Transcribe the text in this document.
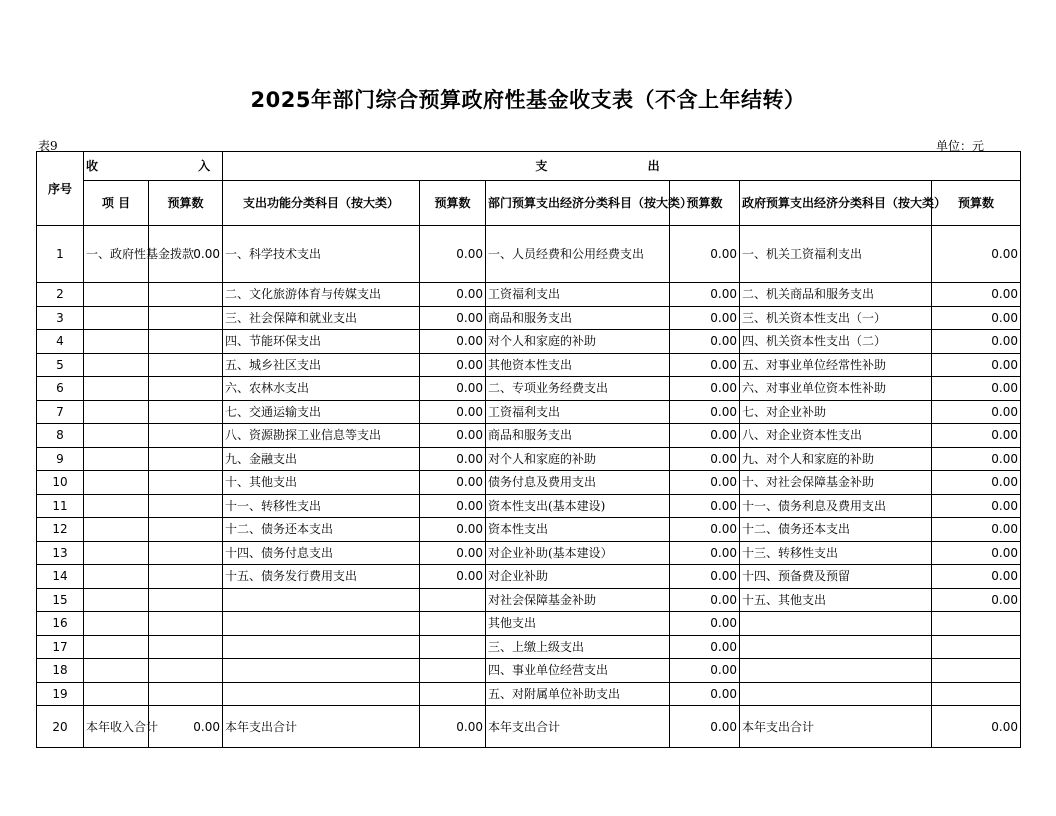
2025年部门综合预算政府性基金收支表（不含上年结转）
表9	单位：元
序号	收 入		支 出					
	项 目	预算数	支出功能分类科目（按大类）	预算数	部门预算支出经济分类科目（按大类）	预算数	政府预算支出经济分类科目（按大类）	预算数
1	一、政府性基金拨款	0.00	一、科学技术支出	0.00	一、人员经费和公用经费支出	0.00	一、机关工资福利支出	0.00
2			二、文化旅游体育与传媒支出	0.00	工资福利支出	0.00	二、机关商品和服务支出	0.00
3			三、社会保障和就业支出	0.00	商品和服务支出	0.00	三、机关资本性支出（一）	0.00
4			四、节能环保支出	0.00	对个人和家庭的补助	0.00	四、机关资本性支出（二）	0.00
5			五、城乡社区支出	0.00	其他资本性支出	0.00	五、对事业单位经常性补助	0.00
6			六、农林水支出	0.00	二、专项业务经费支出	0.00	六、对事业单位资本性补助	0.00
7			七、交通运输支出	0.00	工资福利支出	0.00	七、对企业补助	0.00
8			八、资源勘探工业信息等支出	0.00	商品和服务支出	0.00	八、对企业资本性支出	0.00
9			九、金融支出	0.00	对个人和家庭的补助	0.00	九、对个人和家庭的补助	0.00
10			十、其他支出	0.00	债务付息及费用支出	0.00	十、对社会保障基金补助	0.00
11			十一、转移性支出	0.00	资本性支出(基本建设)	0.00	十一、债务利息及费用支出	0.00
12			十二、债务还本支出	0.00	资本性支出	0.00	十二、债务还本支出	0.00
13			十四、债务付息支出	0.00	对企业补助(基本建设）	0.00	十三、转移性支出	0.00
14			十五、债务发行费用支出	0.00	对企业补助	0.00	十四、预备费及预留	0.00
15					对社会保障基金补助	0.00	十五、其他支出	0.00
16					其他支出	0.00		
17					三、上缴上级支出	0.00		
18					四、事业单位经营支出	0.00		
19					五、对附属单位补助支出	0.00		
20	本年收入合计	0.00	本年支出合计	0.00	本年支出合计	0.00	本年支出合计	0.00
